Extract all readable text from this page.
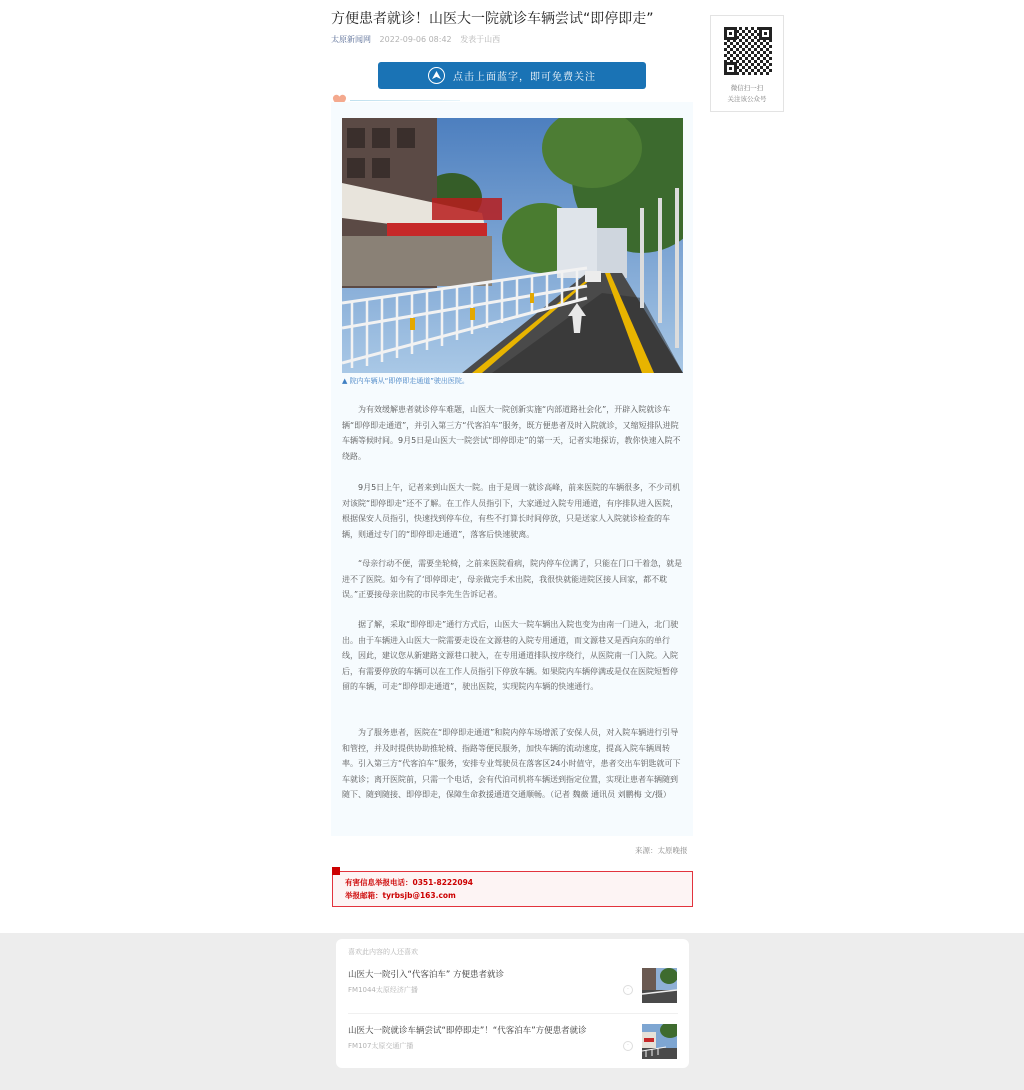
方便患者就诊！山医大一院就诊车辆尝试“即停即走”
太原新闻网 2022-09-06 08:42 发表于山西
点击上面蓝字，即可免费关注
▲ 院内车辆从“即停即走通道”驶出医院。

为有效缓解患者就诊停车难题，山医大一院创新实施“内部道路社会化”，开辟入院就诊车辆“即停即走通道”，并引入第三方“代客泊车”服务，既方便患者及时入院就诊，又缩短排队进院车辆等候时间。9月5日是山医大一院尝试“即停即走”的第一天，记者实地探访，教你快速入院不绕路。

9月5日上午，记者来到山医大一院。由于是周一就诊高峰，前来医院的车辆很多，不少司机对该院“即停即走”还不了解。在工作人员指引下，大家通过入院专用通道，有序排队进入医院，根据保安人员指引，快速找到停车位，有些不打算长时间停放，只是送家人入院就诊检查的车辆，则通过专门的“即停即走通道”，落客后快速驶离。

“母亲行动不便，需要坐轮椅，之前来医院看病，院内停车位满了，只能在门口干着急，就是进不了医院。如今有了‘即停即走’，母亲做完手术出院，我很快就能进院区接人回家，都不耽误。”正要接母亲出院的市民李先生告诉记者。

据了解，采取“即停即走”通行方式后，山医大一院车辆出入院也变为由南一门进入，北门驶出。由于车辆进入山医大一院需要走设在文源巷的入院专用通道，而文源巷又是西向东的单行线，因此，建议您从新建路文源巷口驶入，在专用通道排队按序绕行，从医院南一门入院。入院后，有需要停放的车辆可以在工作人员指引下停放车辆。如果院内车辆停满或是仅在医院短暂停留的车辆，可走“即停即走通道”，驶出医院，实现院内车辆的快速通行。

为了服务患者，医院在“即停即走通道”和院内停车场增派了安保人员，对入院车辆进行引导和管控，并及时提供协助推轮椅、指路等便民服务，加快车辆的流动速度，提高入院车辆周转率。引入第三方“代客泊车”服务，安排专业驾驶员在落客区24小时值守，患者交出车钥匙就可下车就诊；离开医院前，只需一个电话，会有代泊司机将车辆送到指定位置，实现让患者车辆随到随下、随到随接、即停即走，保障生命救援通道交通顺畅。（记者 魏薇 通讯员 刘鹏梅 文/摄）

来源：太原晚报
有害信息举报电话：0351-8222094
举报邮箱：tyrbsjb@163.com
微信扫一扫
关注该公众号
喜欢此内容的人还喜欢
山医大一院引入“代客泊车” 方便患者就诊
FM1044太原经济广播	·
山医大一院就诊车辆尝试“即停即走”！“代客泊车”方便患者就诊
FM107太原交通广播	·
